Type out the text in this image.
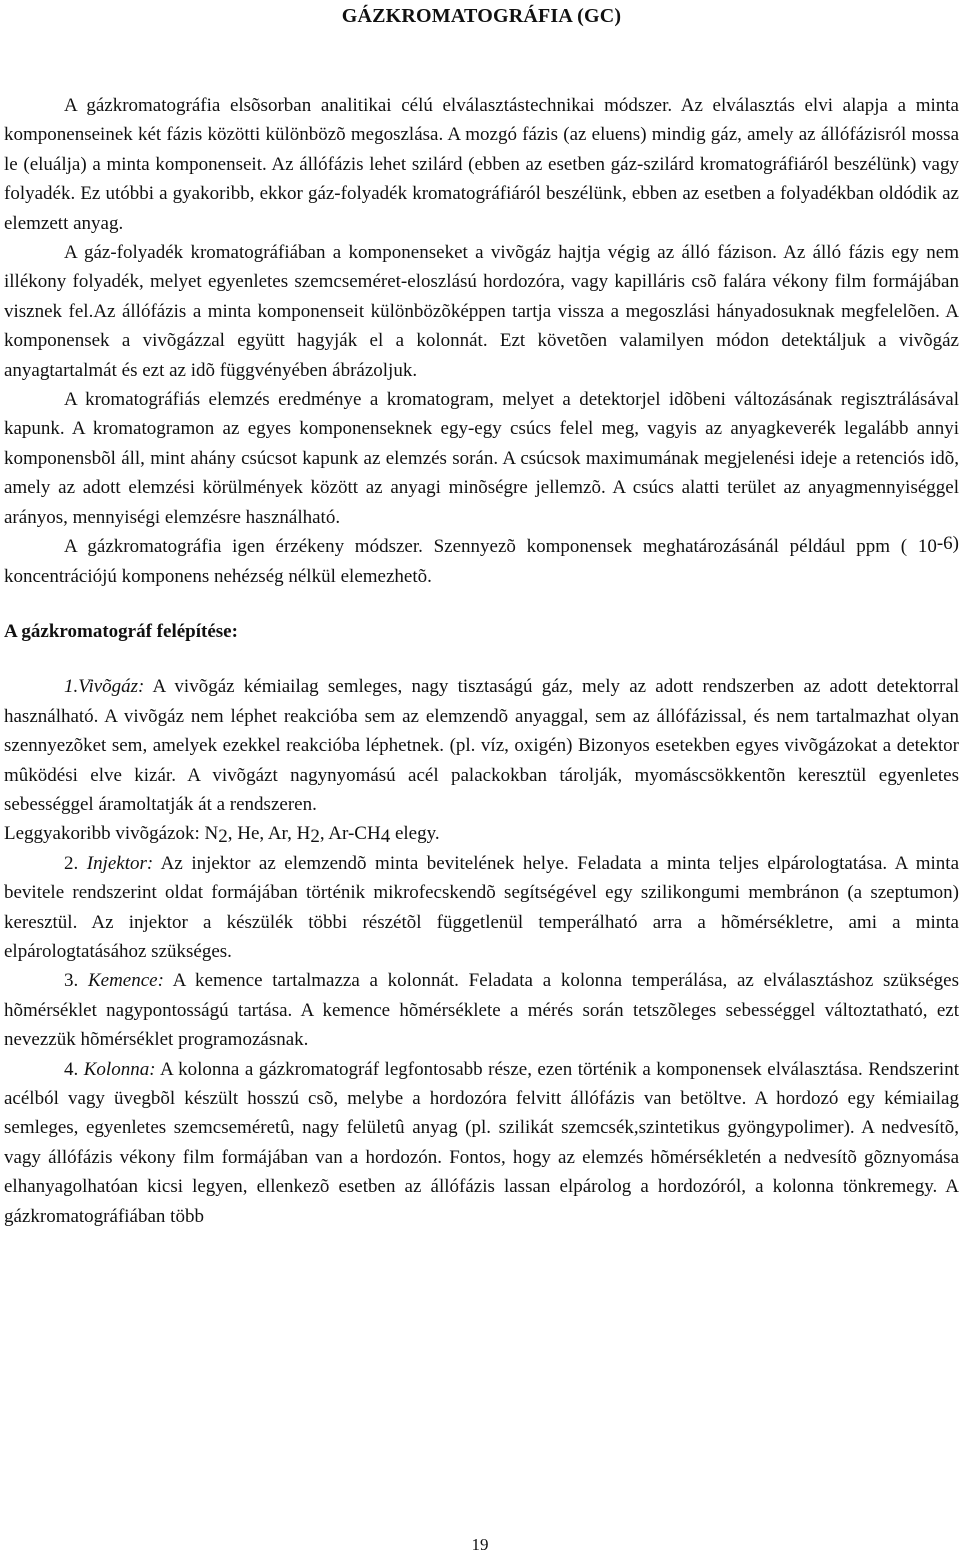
GÁZKROMATOGRÁFIA (GC)

A gázkromatográfia elsõsorban analitikai célú elválasztástechnikai módszer. Az elválasztás elvi alapja a minta komponenseinek két fázis közötti különbözõ megoszlása. A mozgó fázis (az eluens) mindig gáz, amely az állófázisról mossa le (eluálja) a minta komponenseit. Az állófázis lehet szilárd (ebben az esetben gáz-szilárd kromatográfiáról beszélünk) vagy folyadék. Ez utóbbi a gyakoribb, ekkor gáz-folyadék kromatográfiáról beszélünk, ebben az esetben a folyadékban oldódik az elemzett anyag.

A gáz-folyadék kromatográfiában a komponenseket a vivõgáz hajtja végig az álló fázison. Az álló fázis egy nem illékony folyadék, melyet egyenletes szemcseméret-eloszlású hordozóra, vagy kapilláris csõ falára vékony film formájában visznek fel.Az állófázis a minta komponenseit különbözõképpen tartja vissza a megoszlási hányadosuknak megfelelõen. A komponensek a vivõgázzal együtt hagyják el a kolonnát. Ezt követõen valamilyen módon detektáljuk a vivõgáz anyagtartalmát és ezt az idõ függvényében ábrázoljuk.

A kromatográfiás elemzés eredménye a kromatogram, melyet a detektorjel idõbeni változásának regisztrálásával kapunk. A kromatogramon az egyes komponenseknek egy-egy csúcs felel meg, vagyis az anyagkeverék legalább annyi komponensbõl áll, mint ahány csúcsot kapunk az elemzés során. A csúcsok maximumának megjelenési ideje a retenciós idõ, amely az adott elemzési körülmények között az anyagi minõségre jellemzõ. A csúcs alatti terület az anyagmennyiséggel arányos, mennyiségi elemzésre használható.

A gázkromatográfia igen érzékeny módszer. Szennyezõ komponensek meghatározásánál például ppm ( $10^{-6)}$ koncentrációjú komponens nehézség nélkül elemezhetõ.

A gázkromatográf felépítése:

1.Vivõgáz: A vivõgáz kémiailag semleges, nagy tisztaságú gáz, mely az adott rendszerben az adott detektorral használható. A vivõgáz nem léphet reakcióba sem az elemzendõ anyaggal, sem az állófázissal, és nem tartalmazhat olyan szennyezõket sem, amelyek ezekkel reakcióba léphetnek. (pl. víz, oxigén) Bizonyos esetekben egyes vivõgázokat a detektor mûködési elve kizár. A vivõgázt nagynyomású acél palackokban tárolják, myomáscsökkentõn keresztül egyenletes sebességgel áramoltatják át a rendszeren.

Leggyakoribb vivõgázok: $N_2$, He, Ar, $H_2$, $Ar-CH_4$ elegy.

2. Injektor: Az injektor az elemzendõ minta bevitelének helye. Feladata a minta teljes elpárologtatása. A minta bevitele rendszerint oldat formájában történik mikrofecskendõ segítségével egy szilikongumi membránon (a szeptumon) keresztül. Az injektor a készülék többi részétõl függetlenül temperálható arra a hõmérsékletre, ami a minta elpárologtatásához szükséges.

3. Kemence: A kemence tartalmazza a kolonnát. Feladata a kolonna temperálása, az elválasztáshoz szükséges hõmérséklet nagypontosságú tartása. A kemence hõmérséklete a mérés során tetszõleges sebességgel változtatható, ezt nevezzük hõmérséklet programozásnak.

4. Kolonna: A kolonna a gázkromatográf legfontosabb része, ezen történik a komponensek elválasztása. Rendszerint acélból vagy üvegbõl készült hosszú csõ, melybe a hordozóra felvitt állófázis van betöltve. A hordozó egy kémiailag semleges, egyenletes szemcseméretû, nagy felületû anyag (pl. szilikát szemcsék,szintetikus gyöngypolimer). A nedvesítõ, vagy állófázis vékony film formájában van a hordozón. Fontos, hogy az elemzés hõmérsékletén a nedvesítõ gõznyomása elhanyagolhatóan kicsi legyen, ellenkezõ esetben az állófázis lassan elpárolog a hordozóról, a kolonna tönkremegy. A gázkromatográfiában több

19
